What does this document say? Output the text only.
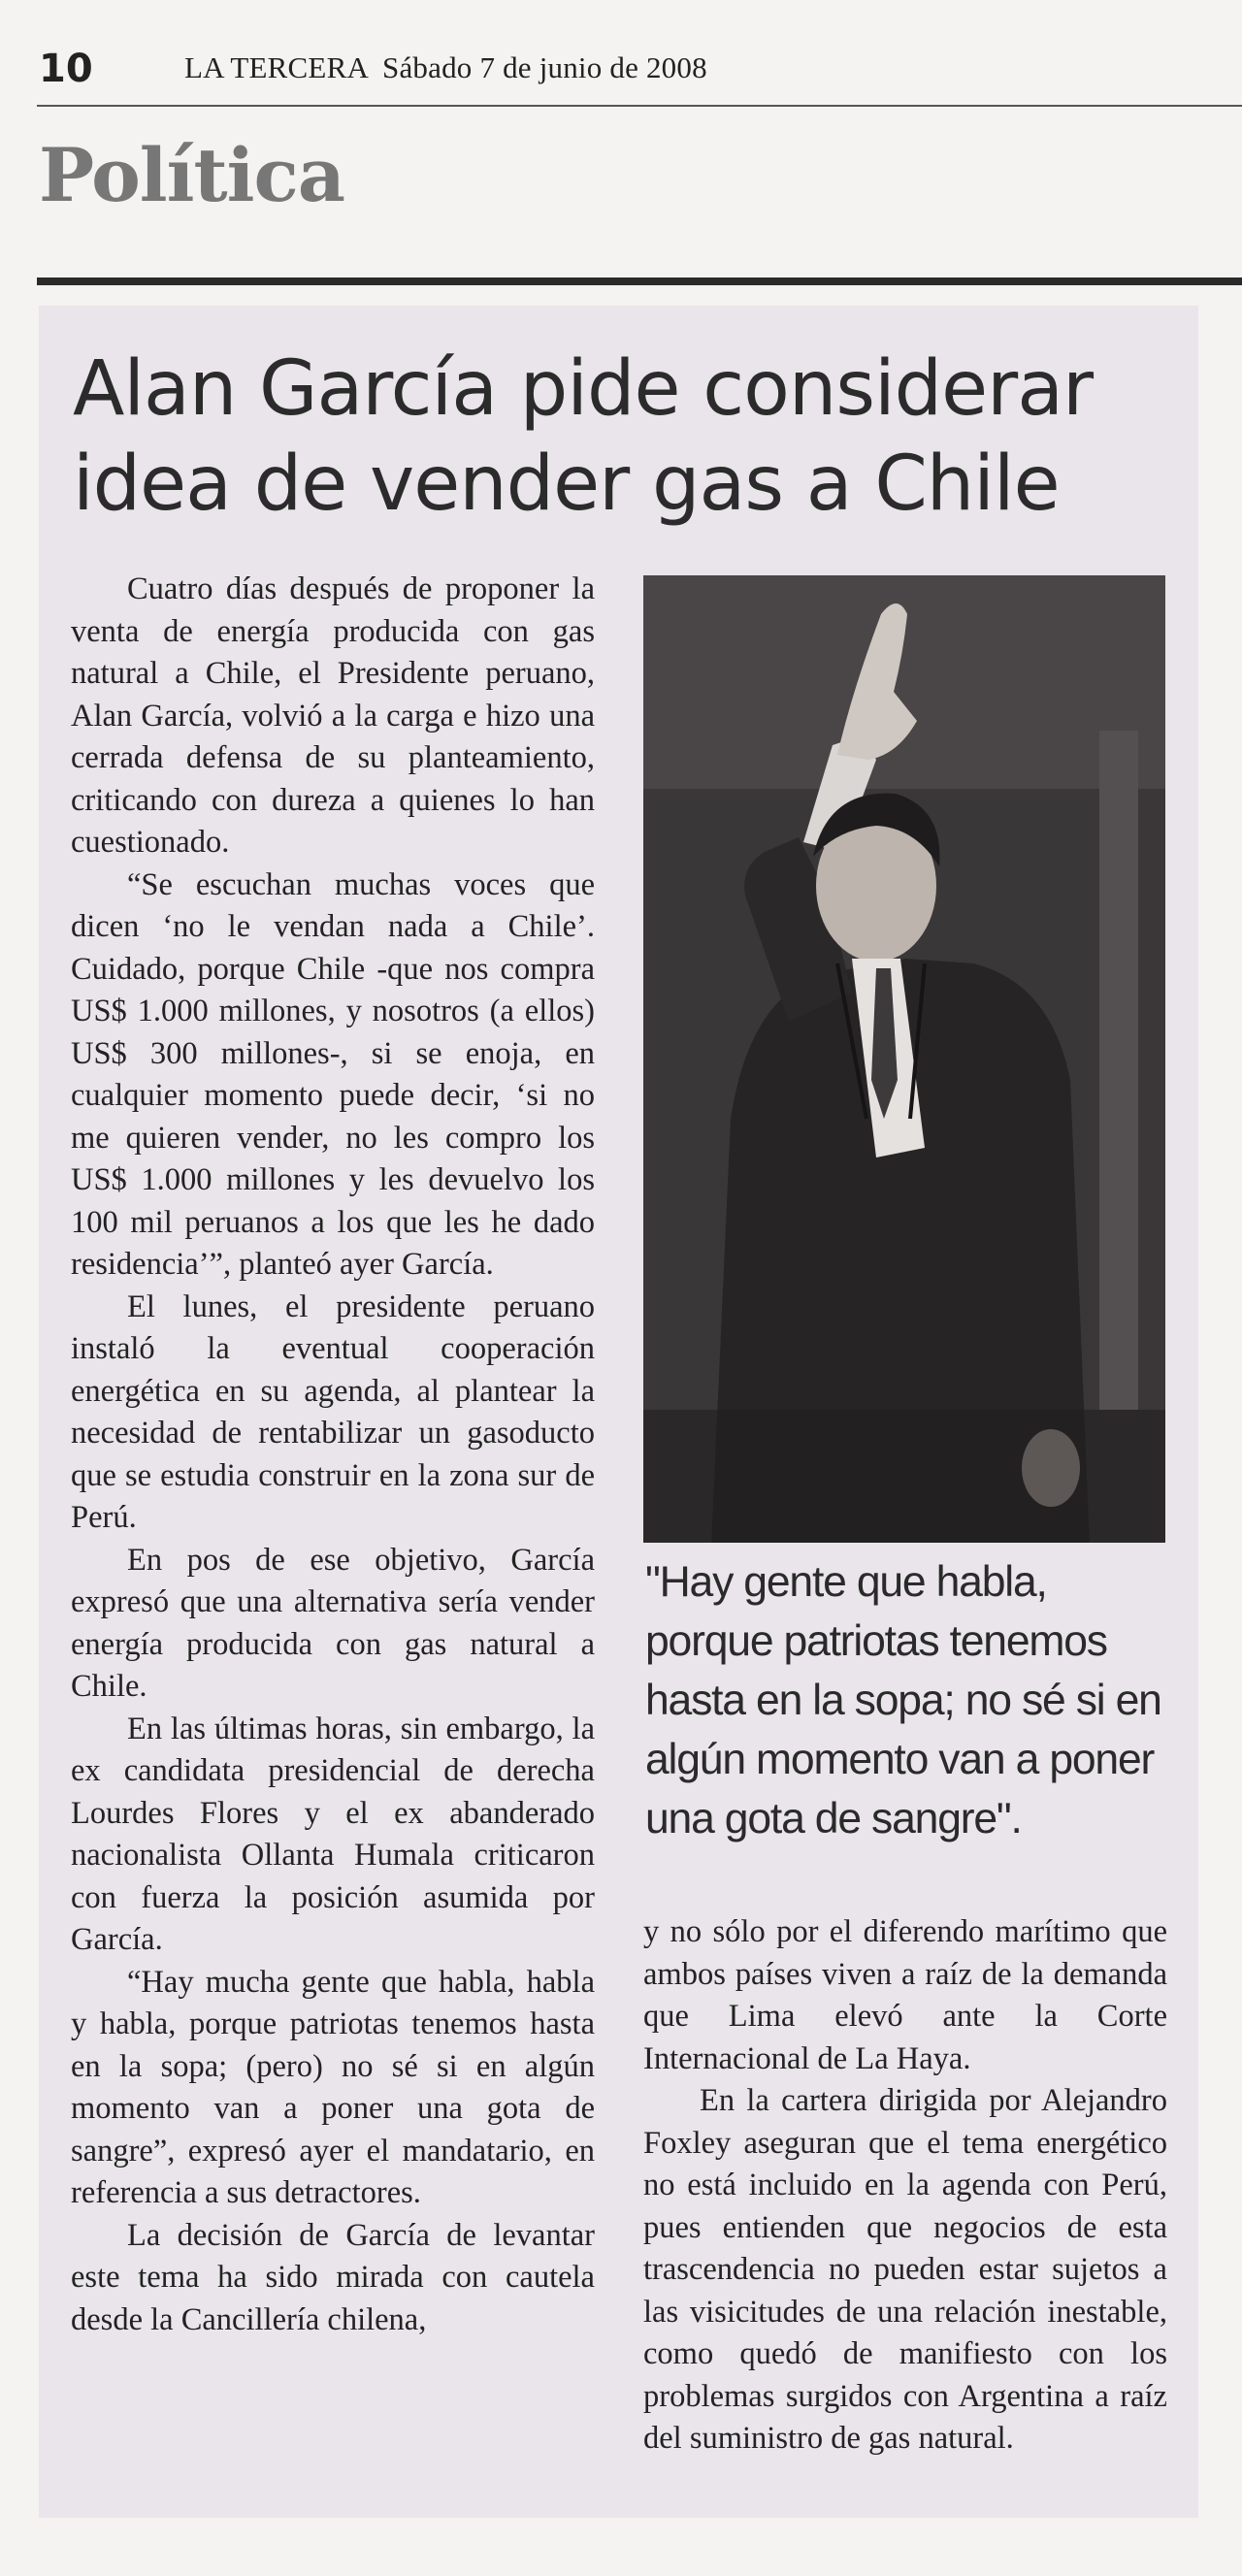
10	LA TERCERA Sábado 7 de junio de 2008
Política
Alan García pide considerar
idea de vender gas a Chile

Cuatro días después de proponer la venta de energía producida con gas natural a Chile, el Presidente peruano, Alan García, volvió a la carga e hizo una cerrada defensa de su planteamiento, criticando con dureza a quienes lo han cuestionado.

“Se escuchan muchas voces que dicen ‘no le vendan nada a Chile’. Cuidado, porque Chile -que nos compra US$ 1.000 millones, y nosotros (a ellos) US$ 300 millones-, si se enoja, en cualquier momento puede decir, ‘si no me quieren vender, no les compro los US$ 1.000 millones y les devuelvo los 100 mil peruanos a los que les he dado residencia’”, planteó ayer García.

El lunes, el presidente peruano instaló la eventual cooperación energética en su agenda, al plantear la necesidad de rentabilizar un gasoducto que se estudia construir en la zona sur de Perú.

En pos de ese objetivo, García expresó que una alternativa sería vender energía producida con gas natural a Chile.

En las últimas horas, sin embargo, la ex candidata presidencial de derecha Lourdes Flores y el ex abanderado nacionalista Ollanta Humala criticaron con fuerza la posición asumida por García.

“Hay mucha gente que habla, habla y habla, porque patriotas tenemos hasta en la sopa; (pero) no sé si en algún momento van a poner una gota de sangre”, expresó ayer el mandatario, en referencia a sus detractores.

La decisión de García de levantar este tema ha sido mirada con cautela desde la Cancillería chilena,

"Hay gente que habla, porque patriotas tenemos hasta en la sopa; no sé si en algún momento van a poner una gota de sangre".

y no sólo por el diferendo marítimo que ambos países viven a raíz de la demanda que Lima elevó ante la Corte Internacional de La Haya.

En la cartera dirigida por Alejandro Foxley aseguran que el tema energético no está incluido en la agenda con Perú, pues entienden que negocios de esta trascendencia no pueden estar sujetos a las visicitudes de una relación inestable, como quedó de manifiesto con los problemas surgidos con Argentina a raíz del suministro de gas natural.
